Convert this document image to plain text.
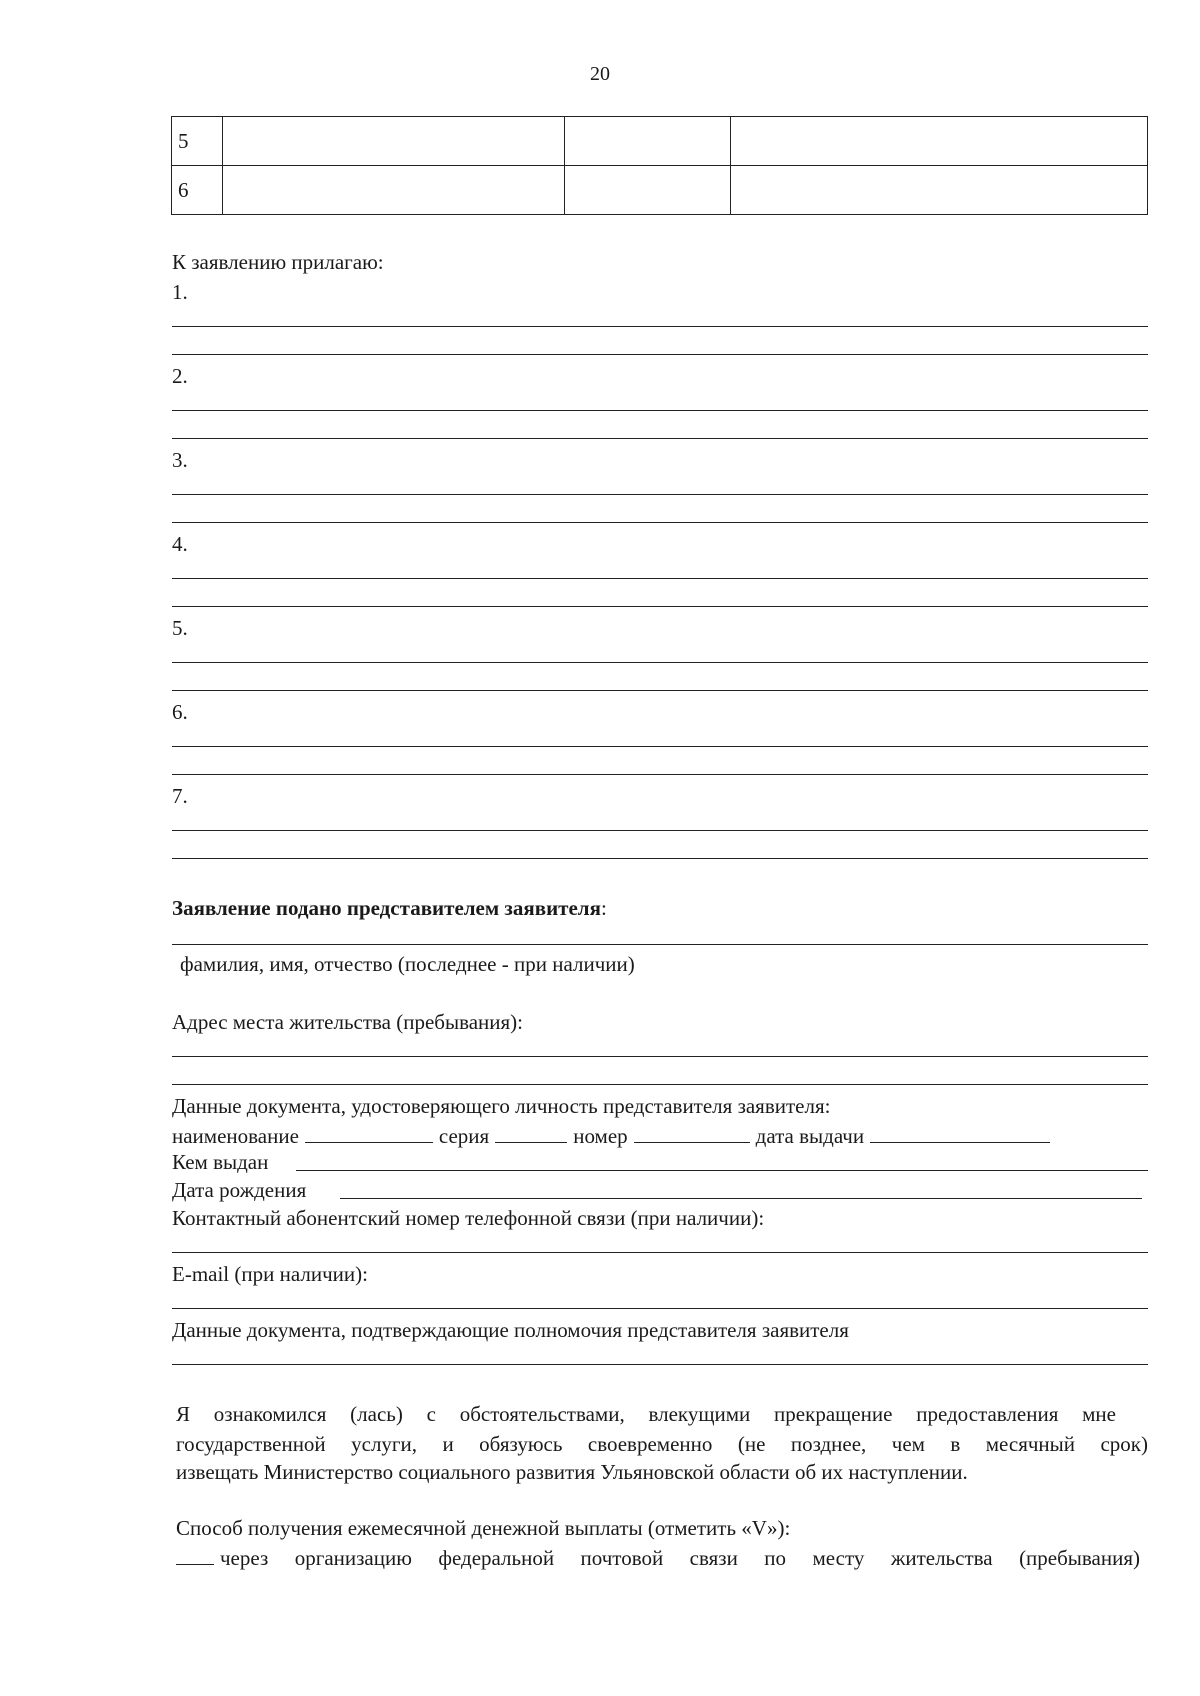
20
5			
6			
К заявлению прилагаю:
1.
2.
3.
4.
5.
6.
7.
Заявление подано представителем заявителя:
фамилия, имя, отчество (последнее - при наличии)
Адрес места жительства (пребывания):
Данные документа, удостоверяющего личность представителя заявителя:
наименование	серия	номер	дата выдачи
Кем выдан
Дата рождения
Контактный абонентский номер телефонной связи (при наличии):
E-mail (при наличии):
Данные документа, подтверждающие полномочия представителя заявителя
Я ознакомился (лась) с обстоятельствами, влекущими прекращение предоставления мне
государственной услуги, и обязуюсь своевременно (не позднее, чем в месячный срок)
извещать Министерство социального развития Ульяновской области об их наступлении.
Способ получения ежемесячной денежной выплаты (отметить «V»):
через организацию федеральной почтовой связи по месту жительства (пребывания)
